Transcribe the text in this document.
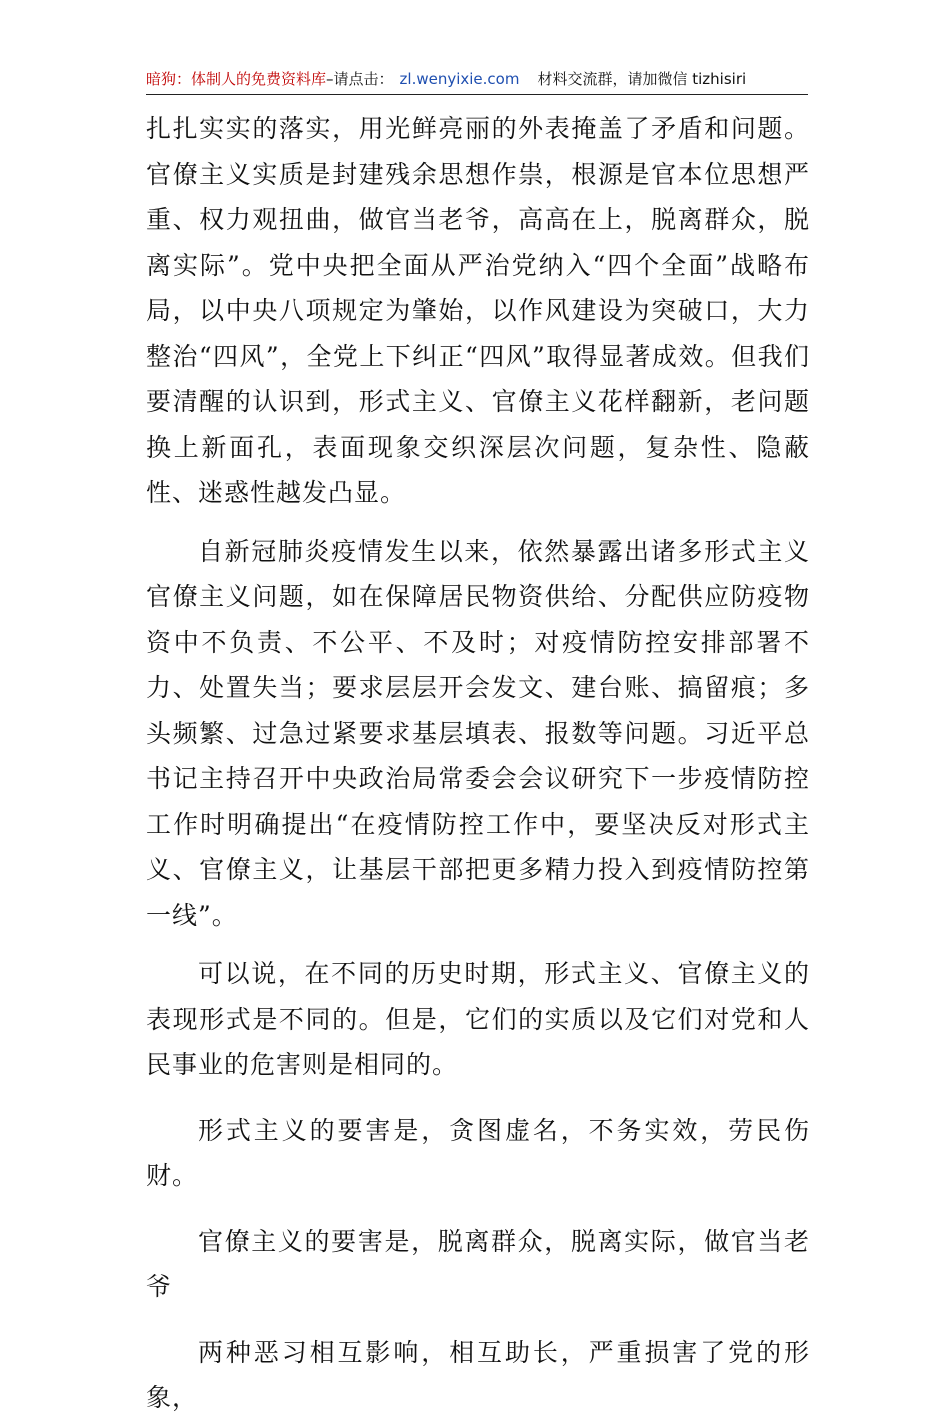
暗狗：体制人的免费资料库 –请点击： zl.wenyixie.com 材料交流群，请加微信 tizhisiri

扎扎实实的落实，用光鲜亮丽的外表掩盖了矛盾和问题。官僚主义实质是封建残余思想作祟，根源是官本位思想严重、权力观扭曲，做官当老爷，高高在上，脱离群众，脱离实际”。党中央把全面从严治党纳入“四个全面”战略布局，以中央八项规定为肇始，以作风建设为突破口，大力整治“四风”，全党上下纠正“四风”取得显著成效。但我们要清醒的认识到，形式主义、官僚主义花样翻新，老问题换上新面孔，表面现象交织深层次问题，复杂性、隐蔽性、迷惑性越发凸显。

自新冠肺炎疫情发生以来，依然暴露出诸多形式主义官僚主义问题，如在保障居民物资供给、分配供应防疫物资中不负责、不公平、不及时；对疫情防控安排部署不力、处置失当；要求层层开会发文、建台账、搞留痕；多头频繁、过急过紧要求基层填表、报数等问题。习近平总书记主持召开中央政治局常委会会议研究下一步疫情防控工作时明确提出“在疫情防控工作中，要坚决反对形式主义、官僚主义，让基层干部把更多精力投入到疫情防控第一线”。

可以说，在不同的历史时期，形式主义、官僚主义的表现形式是不同的。但是，它们的实质以及它们对党和人民事业的危害则是相同的。

形式主义的要害是，贪图虚名，不务实效，劳民伤财。

官僚主义的要害是，脱离群众，脱离实际，做官当老爷

两种恶习相互影响，相互助长，严重损害了党的形象，
